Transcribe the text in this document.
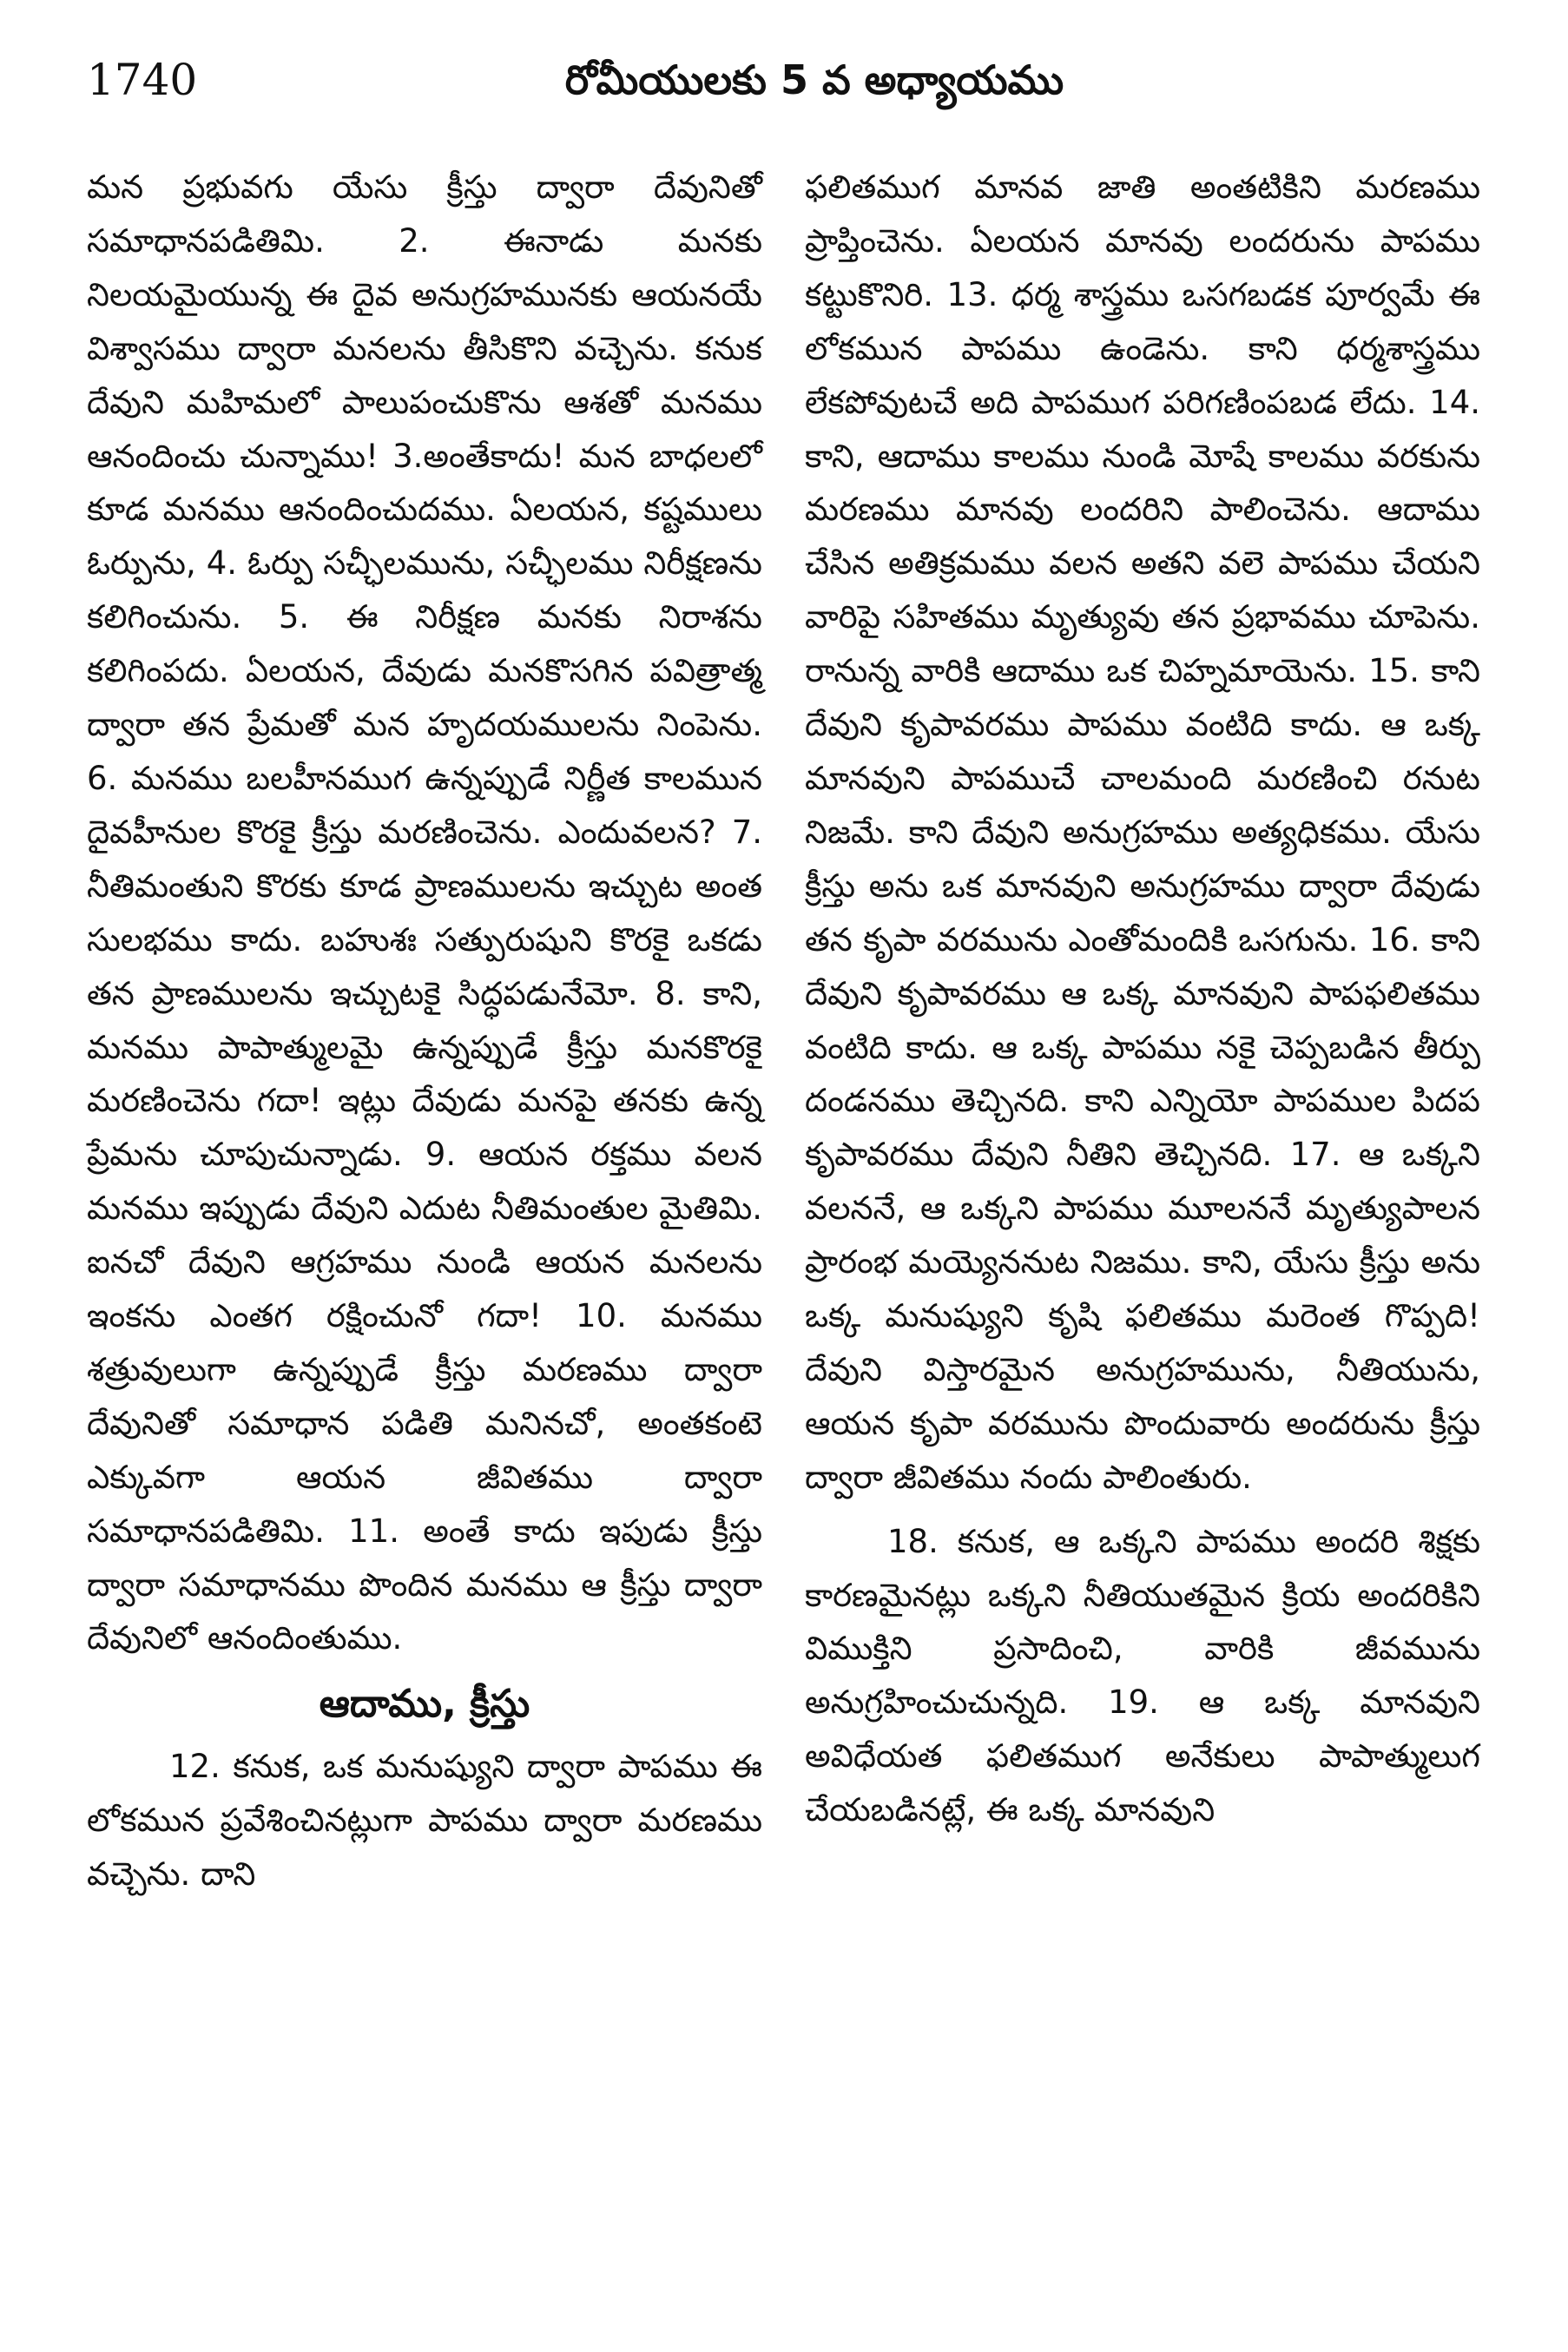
1740	రోమీయులకు 5 వ అధ్యాయము

మన ప్రభువగు యేసు క్రీస్తు ద్వారా దేవునితో సమాధానపడితిమి. 2. ఈనాడు మనకు నిలయమైయున్న ఈ దైవ అనుగ్రహమునకు ఆయనయే విశ్వాసము ద్వారా మనలను తీసికొని వచ్చెను. కనుక దేవుని మహిమలో పాలుపంచుకొను ఆశతో మనము ఆనందించు చున్నాము! 3.అంతేకాదు! మన బాధలలో కూడ మనము ఆనందించుదము. ఏలయన, కష్టములు ఓర్పును, 4. ఓర్పు సచ్ఛీలమును, సచ్ఛీలము నిరీక్షణను కలిగించును. 5. ఈ నిరీక్షణ మనకు నిరాశను కలిగింపదు. ఏలయన, దేవుడు మనకొసగిన పవిత్రాత్మ ద్వారా తన ప్రేమతో మన హృదయములను నింపెను. 6. మనము బలహీనముగ ఉన్నప్పుడే నిర్ణీత కాలమున దైవహీనుల కొరకై క్రీస్తు మరణించెను. ఎందువలన? 7. నీతిమంతుని కొరకు కూడ ప్రాణములను ఇచ్చుట అంత సులభము కాదు. బహుశః సత్పురుషుని కొరకై ఒకడు తన ప్రాణములను ఇచ్చుటకై సిద్ధపడునేమో. 8. కాని, మనము పాపాత్ములమై ఉన్నప్పుడే క్రీస్తు మనకొరకై మరణించెను గదా! ఇట్లు దేవుడు మనపై తనకు ఉన్న ప్రేమను చూపుచున్నాడు. 9. ఆయన రక్తము వలన మనము ఇప్పుడు దేవుని ఎదుట నీతిమంతుల మైతిమి. ఐనచో దేవుని ఆగ్రహము నుండి ఆయన మనలను ఇంకను ఎంతగ రక్షించునో గదా! 10. మనము శత్రువులుగా ఉన్నప్పుడే క్రీస్తు మరణము ద్వారా దేవునితో సమాధాన పడితి మనినచో, అంతకంటె ఎక్కువగా ఆయన జీవితము ద్వారా సమాధానపడితిమి. 11. అంతే కాదు ఇపుడు క్రీస్తు ద్వారా సమాధానము పొందిన మనము ఆ క్రీస్తు ద్వారా దేవునిలో ఆనందింతుము.

ఆదాము, క్రీస్తు

12. కనుక, ఒక మనుష్యుని ద్వారా పాపము ఈ లోకమున ప్రవేశించినట్లుగా పాపము ద్వారా మరణము వచ్చెను. దాని

ఫలితముగ మానవ జాతి అంతటికిని మరణము ప్రాప్తించెను. ఏలయన మానవు లందరును పాపము కట్టుకొనిరి. 13. ధర్మ శాస్త్రము ఒసగబడక పూర్వమే ఈ లోకమున పాపము ఉండెను. కాని ధర్మశాస్త్రము లేకపోవుటచే అది పాపముగ పరిగణింపబడ లేదు. 14. కాని, ఆదాము కాలము నుండి మోషే కాలము వరకును మరణము మానవు లందరిని పాలించెను. ఆదాము చేసిన అతిక్రమము వలన అతని వలె పాపము చేయని వారిపై సహితము మృత్యువు తన ప్రభావము చూపెను. రానున్న వారికి ఆదాము ఒక చిహ్నమాయెను. 15. కాని దేవుని కృపావరము పాపము వంటిది కాదు. ఆ ఒక్క మానవుని పాపముచే చాలమంది మరణించి రనుట నిజమే. కాని దేవుని అనుగ్రహము అత్యధికము. యేసు క్రీస్తు అను ఒక మానవుని అనుగ్రహము ద్వారా దేవుడు తన కృపా వరమును ఎంతోమందికి ఒసగును. 16. కాని దేవుని కృపావరము ఆ ఒక్క మానవుని పాపఫలితము వంటిది కాదు. ఆ ఒక్క పాపము నకై చెప్పబడిన తీర్పు దండనము తెచ్చినది. కాని ఎన్నియో పాపముల పిదప కృపావరము దేవుని నీతిని తెచ్చినది. 17. ఆ ఒక్కని వలననే, ఆ ఒక్కని పాపము మూలననే మృత్యుపాలన ప్రారంభ మయ్యెననుట నిజము. కాని, యేసు క్రీస్తు అను ఒక్క మనుష్యుని కృషి ఫలితము మరెంత గొప్పది! దేవుని విస్తారమైన అనుగ్రహమును, నీతియును, ఆయన కృపా వరమును పొందువారు అందరును క్రీస్తు ద్వారా జీవితము నందు పాలింతురు.

18. కనుక, ఆ ఒక్కని పాపము అందరి శిక్షకు కారణమైనట్లు ఒక్కని నీతియుతమైన క్రియ అందరికిని విముక్తిని ప్రసాదించి, వారికి జీవమును అనుగ్రహించుచున్నది. 19. ఆ ఒక్క మానవుని అవిధేయత ఫలితముగ అనేకులు పాపాత్ములుగ చేయబడినట్లే, ఈ ఒక్క మానవుని
